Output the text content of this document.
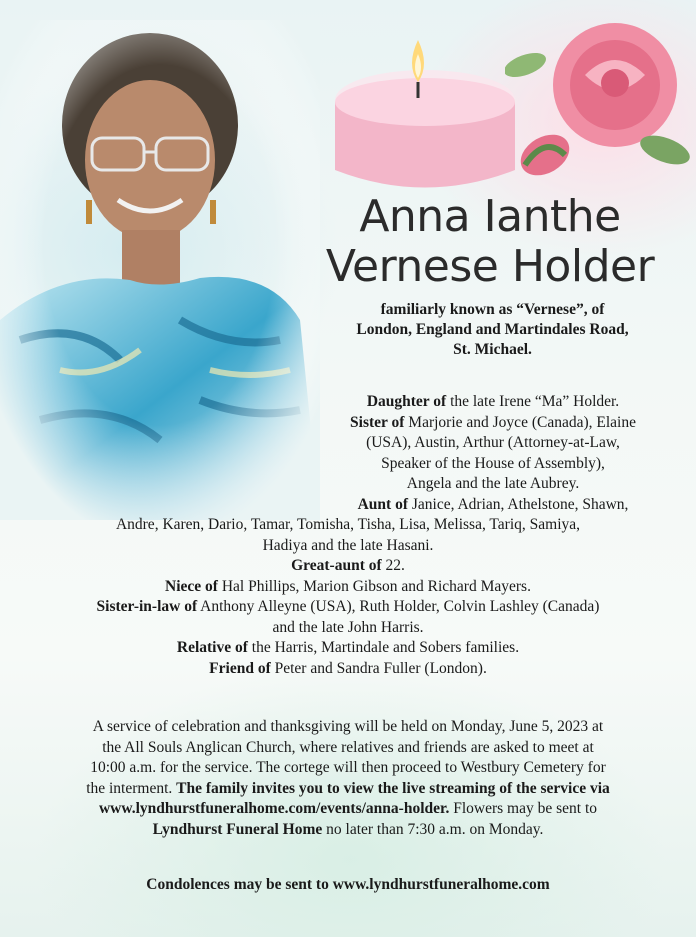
Anna Ianthe
Vernese Holder
familiarly known as “Vernese”, of
London, England and Martindales Road,
St. Michael.
Daughter of the late Irene “Ma” Holder.
Sister of Marjorie and Joyce (Canada), Elaine
(USA), Austin, Arthur (Attorney-at-Law,
Speaker of the House of Assembly),
Angela and the late Aubrey.
Aunt of Janice, Adrian, Athelstone, Shawn,
Andre, Karen, Dario, Tamar, Tomisha, Tisha, Lisa, Melissa, Tariq, Samiya,
Hadiya and the late Hasani.
Great-aunt of 22.
Niece of Hal Phillips, Marion Gibson and Richard Mayers.
Sister-in-law of Anthony Alleyne (USA), Ruth Holder, Colvin Lashley (Canada)
and the late John Harris.
Relative of the Harris, Martindale and Sobers families.
Friend of Peter and Sandra Fuller (London).
A service of celebration and thanksgiving will be held on Monday, June 5, 2023 at
the All Souls Anglican Church, where relatives and friends are asked to meet at
10:00 a.m. for the service. The cortege will then proceed to Westbury Cemetery for
the interment. The family invites you to view the live streaming of the service via
www.lyndhurstfuneralhome.com/events/anna-holder. Flowers may be sent to
Lyndhurst Funeral Home no later than 7:30 a.m. on Monday.
Condolences may be sent to www.lyndhurstfuneralhome.com
